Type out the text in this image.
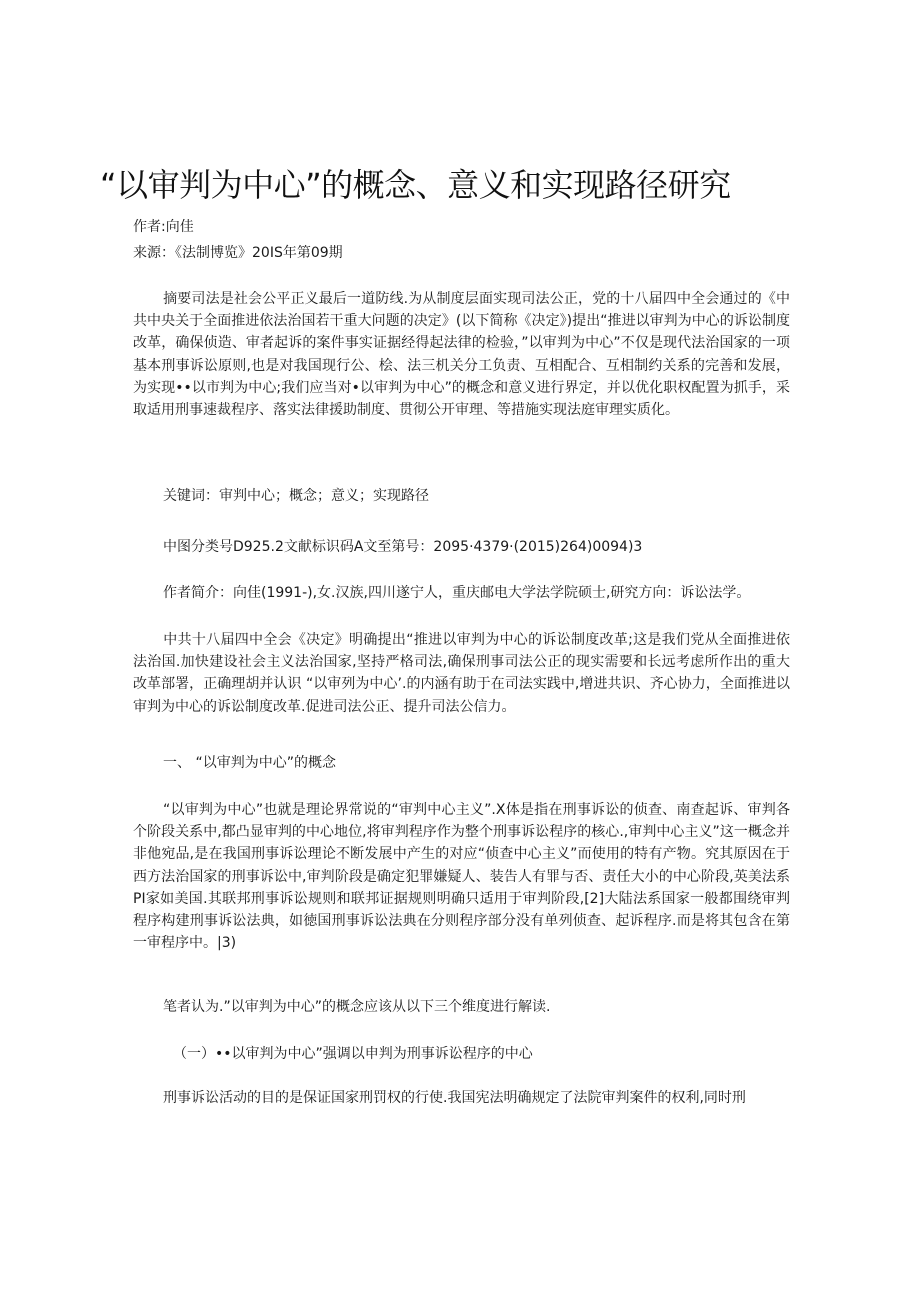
“以审判为中心”的概念、意义和实现路径研究
作者:向佳
来源：《法制博览》20IS年第09期
摘要司法是社会公平正义最后一道防线.为从制度层面实现司法公正，党的十八届四中全会通过的《中共中央关于全面推进依法治国若干重大问题的决定》(以下简称《决定》)提出“推进以审判为中心的诉讼制度改革，确保侦造、审者起诉的案件事实证据经得起法律的检验，”以审判为中心”不仅是现代法治国家的一项基本刑事诉讼原则,也是对我国现行公、桧、法三机关分工负责、互相配合、互相制约关系的完善和发展，为实现••以市判为中心;我们应当对•以审判为中心”的概念和意义进行界定，并以优化职权配置为抓手，采取适用刑事速裁程序、落实法律援助制度、贯彻公开审理、等措施实现法庭审理实质化。
关键词：审判中心；概念；意义；实现路径
中图分类号D925.2文献标识码A文至第号：2095·4379·(2015)264)0094)3
作者简介：向佳(1991-),女.汉族,四川遂宁人，重庆邮电大学法学院硕士,研究方向：诉讼法学。
中共十八届四中全会《决定》明确提出“推进以审判为中心的诉讼制度改革;这是我们党从全面推进依法治国.加快建设社会主义法治国家,坚持严格司法,确保刑事司法公正的现实需要和长远考虑所作出的重大改革部署，正确理胡并认识 “以审列为中心’.的内涵有助于在司法实践中,增进共识、齐心协力，全面推进以审判为中心的诉讼制度改革.促进司法公正、提升司法公信力。
一、 “以审判为中心”的概念
“以审判为中心”也就是理论界常说的“审判中心主义”.X体是指在刑事诉讼的侦查、南查起诉、审判各个阶段关系中,都凸显审判的中心地位,将审判程序作为整个刑事诉讼程序的核心.,审判中心主义”这一概念并非他宛品,是在我国刑事诉讼理论不断发展中产生的对应“侦查中心主义”而使用的特有产物。究其原因在于西方法治国家的刑事诉讼中,审判阶段是确定犯罪嫌疑人、装告人有罪与否、责任大小的中心阶段,英美法系PI家如美国.其联邦刑事诉讼规则和联邦证据规则明确只适用于审判阶段,[2]大陆法系国家一般都围绕审判程序构建刑事诉讼法典，如徳国刑事诉讼法典在分则程序部分没有单列侦查、起诉程序.而是将其包含在第一审程序中。|3)
笔者认为.”以审判为中心”的概念应该从以下三个维度进行解读.
（一）••以审判为中心”强调以申判为刑事诉讼程序的中心
刑事诉讼活动的目的是保证国家刑罚权的行使.我国宪法明确规定了法院审判案件的权利,同时刑
